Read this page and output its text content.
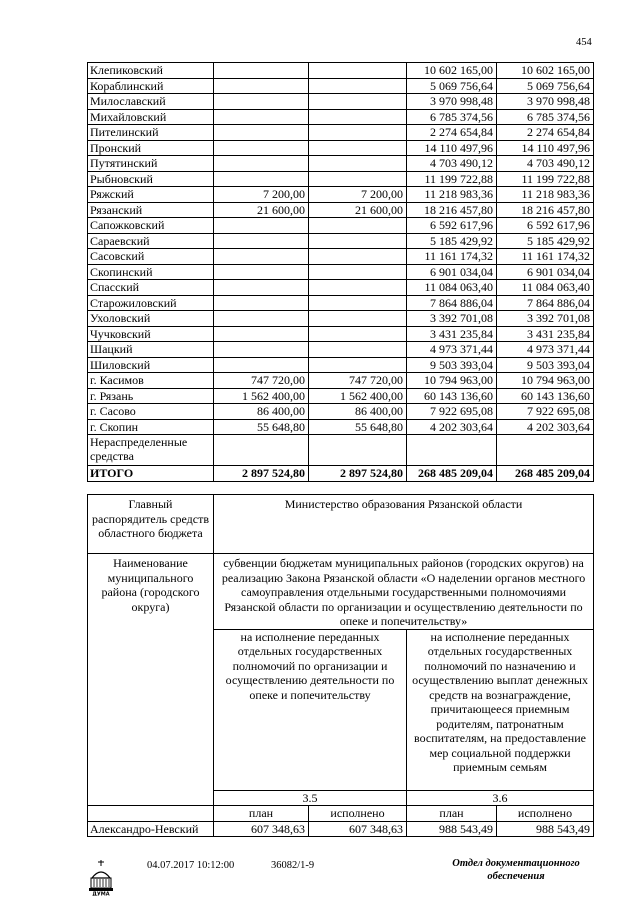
454
Клепиковский			10 602 165,00	10 602 165,00
Кораблинский			5 069 756,64	5 069 756,64
Милославский			3 970 998,48	3 970 998,48
Михайловский			6 785 374,56	6 785 374,56
Пителинский			2 274 654,84	2 274 654,84
Пронский			14 110 497,96	14 110 497,96
Путятинский			4 703 490,12	4 703 490,12
Рыбновский			11 199 722,88	11 199 722,88
Ряжский	7 200,00	7 200,00	11 218 983,36	11 218 983,36
Рязанский	21 600,00	21 600,00	18 216 457,80	18 216 457,80
Сапожковский			6 592 617,96	6 592 617,96
Сараевский			5 185 429,92	5 185 429,92
Сасовский			11 161 174,32	11 161 174,32
Скопинский			6 901 034,04	6 901 034,04
Спасский			11 084 063,40	11 084 063,40
Старожиловский			7 864 886,04	7 864 886,04
Ухоловский			3 392 701,08	3 392 701,08
Чучковский			3 431 235,84	3 431 235,84
Шацкий			4 973 371,44	4 973 371,44
Шиловский			9 503 393,04	9 503 393,04
г. Касимов	747 720,00	747 720,00	10 794 963,00	10 794 963,00
г. Рязань	1 562 400,00	1 562 400,00	60 143 136,60	60 143 136,60
г. Сасово	86 400,00	86 400,00	7 922 695,08	7 922 695,08
г. Скопин	55 648,80	55 648,80	4 202 303,64	4 202 303,64
Нераспределенные средства				
ИТОГО	2 897 524,80	2 897 524,80	268 485 209,04	268 485 209,04
Главный распорядитель средств областного бюджета	Министерство образования Рязанской области			
Наименование муниципального района (городского округа)	субвенции бюджетам муниципальных районов (городских округов) на реализацию Закона Рязанской области «О наделении органов местного самоуправления отдельными государственными полномочиями Рязанской области по организации и осуществлению деятельности по опеке и попечительству»			
	на исполнение переданных отдельных государственных полномочий по организации и осуществлению деятельности по опеке и попечительству		на исполнение переданных отдельных государственных полномочий по назначению и осуществлению выплат денежных средств на вознаграждение, причитающееся приемным родителям, патронатным воспитателям, на предоставление мер социальной поддержки приемным семьям	
	3.5		3.6	
	план	исполнено	план	исполнено
Александро-Невский	607 348,63	607 348,63	988 543,49	988 543,49
ДУМА
04.07.2017 10:12:00	36082/1-9	Отдел документационного обеспечения
